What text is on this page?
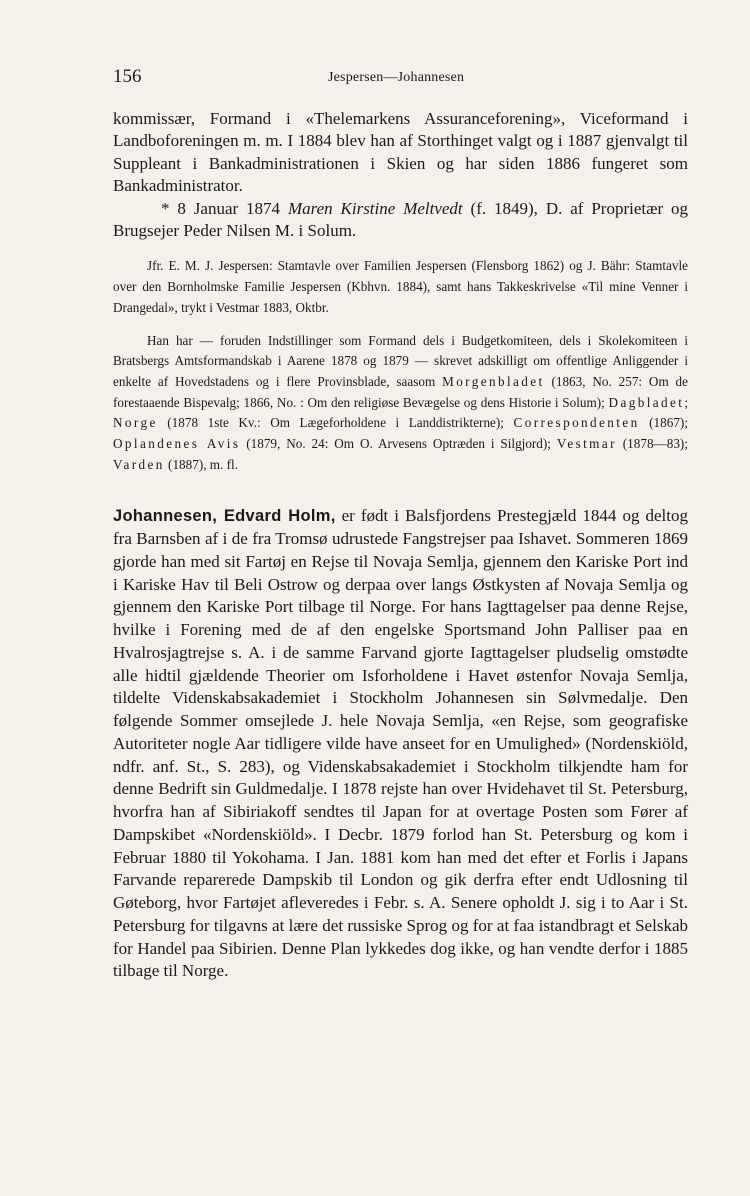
156	Jespersen—Johannesen

kommissær, Formand i «Thelemarkens Assuranceforening», Viceformand i Landboforeningen m. m. I 1884 blev han af Storthinget valgt og i 1887 gjenvalgt til Suppleant i Bankadministrationen i Skien og har siden 1886 fungeret som Bankadministrator.

* 8 Januar 1874 Maren Kirstine Meltvedt (f. 1849), D. af Proprietær og Brugsejer Peder Nilsen M. i Solum.

Jfr. E. M. J. Jespersen: Stamtavle over Familien Jespersen (Flensborg 1862) og J. Bähr: Stamtavle over den Bornholmske Familie Jespersen (Kbhvn. 1884), samt hans Takkeskrivelse «Til mine Venner i Drangedal», trykt i Vestmar 1883, Oktbr.

Han har — foruden Indstillinger som Formand dels i Budgetkomiteen, dels i Skolekomiteen i Bratsbergs Amtsformandskab i Aarene 1878 og 1879 — skrevet adskilligt om offentlige Anliggender i enkelte af Hovedstadens og i flere Provinsblade, saasom Morgenbladet (1863, No. 257: Om de forestaaende Bispevalg; 1866, No. : Om den religiøse Bevægelse og dens Historie i Solum); Dagbladet; Norge (1878 1ste Kv.: Om Lægeforholdene i Landdistrikterne); Correspondenten (1867); Oplandenes Avis (1879, No. 24: Om O. Arvesens Optræden i Silgjord); Vestmar (1878—83); Varden (1887), m. fl.

Johannesen, Edvard Holm, er født i Balsfjordens Prestegjæld 1844 og deltog fra Barnsben af i de fra Tromsø udrustede Fangstrejser paa Ishavet. Sommeren 1869 gjorde han med sit Fartøj en Rejse til Novaja Semlja, gjennem den Kariske Port ind i Kariske Hav til Beli Ostrow og derpaa over langs Østkysten af Novaja Semlja og gjennem den Kariske Port tilbage til Norge. For hans Iagttagelser paa denne Rejse, hvilke i Forening med de af den engelske Sportsmand John Palliser paa en Hvalrosjagtrejse s. A. i de samme Farvand gjorte Iagttagelser pludselig omstødte alle hidtil gjældende Theorier om Isforholdene i Havet østenfor Novaja Semlja, tildelte Videnskabsakademiet i Stockholm Johannesen sin Sølvmedalje. Den følgende Sommer omsejlede J. hele Novaja Semlja, «en Rejse, som geografiske Autoriteter nogle Aar tidligere vilde have anseet for en Umulighed» (Nordenskiöld, ndfr. anf. St., S. 283), og Videnskabsakademiet i Stockholm tilkjendte ham for denne Bedrift sin Guldmedalje. I 1878 rejste han over Hvidehavet til St. Petersburg, hvorfra han af Sibiriakoff sendtes til Japan for at overtage Posten som Fører af Dampskibet «Nordenskiöld». I Decbr. 1879 forlod han St. Petersburg og kom i Februar 1880 til Yokohama. I Jan. 1881 kom han med det efter et Forlis i Japans Farvande reparerede Dampskib til London og gik derfra efter endt Udlosning til Gøteborg, hvor Fartøjet afleveredes i Febr. s. A. Senere opholdt J. sig i to Aar i St. Petersburg for tilgavns at lære det russiske Sprog og for at faa istandbragt et Selskab for Handel paa Sibirien. Denne Plan lykkedes dog ikke, og han vendte derfor i 1885 tilbage til Norge.
